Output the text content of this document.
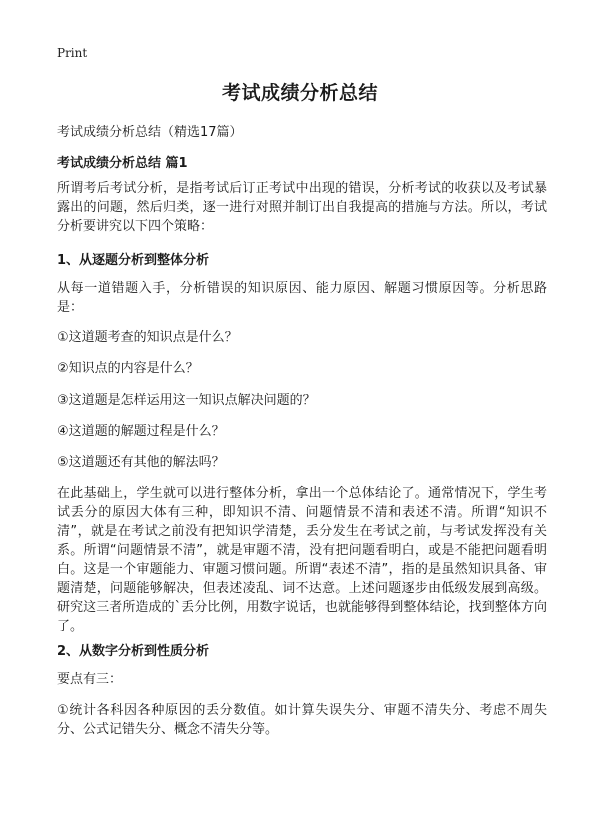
Print
考试成绩分析总结
考试成绩分析总结（精选17篇）
考试成绩分析总结 篇1
所谓考后考试分析，是指考试后订正考试中出现的错误，分析考试的收获以及考试暴露出的问题，然后归类，逐一进行对照并制订出自我提高的措施与方法。所以，考试分析要讲究以下四个策略：
1、从逐题分析到整体分析
从每一道错题入手，分析错误的知识原因、能力原因、解题习惯原因等。分析思路是：
①这道题考查的知识点是什么？
②知识点的内容是什么？
③这道题是怎样运用这一知识点解决问题的？
④这道题的解题过程是什么？
⑤这道题还有其他的解法吗？
在此基础上，学生就可以进行整体分析，拿出一个总体结论了。通常情况下，学生考试丢分的原因大体有三种，即知识不清、问题情景不清和表述不清。所谓“知识不清”，就是在考试之前没有把知识学清楚，丢分发生在考试之前，与考试发挥没有关系。所谓“问题情景不清”，就是审题不清，没有把问题看明白，或是不能把问题看明白。这是一个审题能力、审题习惯问题。所谓“表述不清”，指的是虽然知识具备、审题清楚，问题能够解决，但表述凌乱、词不达意。上述问题逐步由低级发展到高级。研究这三者所造成的`丢分比例，用数字说话，也就能够得到整体结论，找到整体方向了。
2、从数字分析到性质分析
要点有三：
①统计各科因各种原因的丢分数值。如计算失误失分、审题不清失分、考虑不周失分、公式记错失分、概念不清失分等。
